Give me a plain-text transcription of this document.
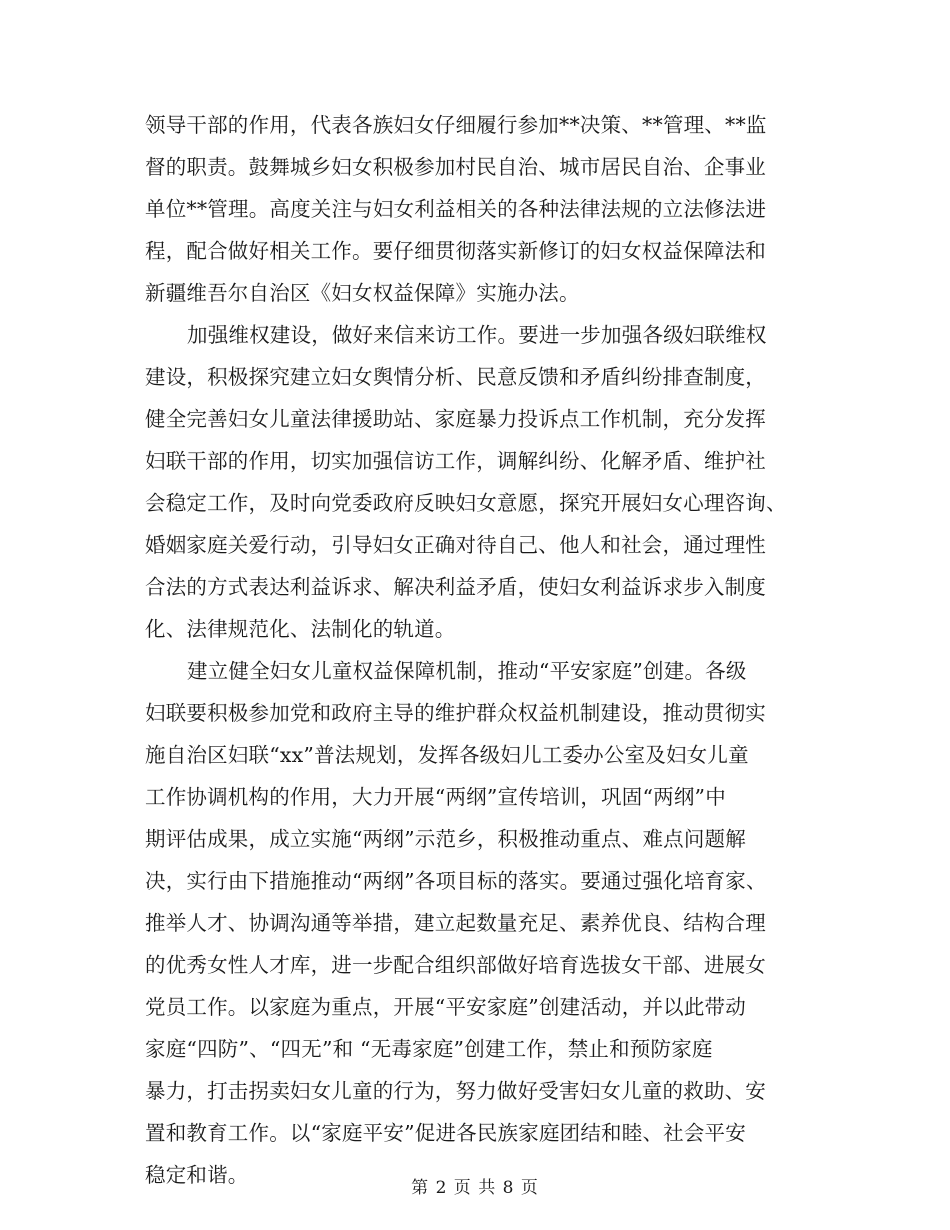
领导干部的作用，代表各族妇女仔细履行参加**决策、**管理、**监
督的职责。鼓舞城乡妇女积极参加村民自治、城市居民自治、企事业
单位**管理。高度关注与妇女利益相关的各种法律法规的立法修法进
程，配合做好相关工作。要仔细贯彻落实新修订的妇女权益保障法和
新疆维吾尔自治区《妇女权益保障》实施办法。
加强维权建设，做好来信来访工作。要进一步加强各级妇联维权
建设，积极探究建立妇女舆情分析、民意反馈和矛盾纠纷排查制度，
健全完善妇女儿童法律援助站、家庭暴力投诉点工作机制，充分发挥
妇联干部的作用，切实加强信访工作，调解纠纷、化解矛盾、维护社
会稳定工作，及时向党委政府反映妇女意愿，探究开展妇女心理咨询、
婚姻家庭关爱行动，引导妇女正确对待自己、他人和社会，通过理性
合法的方式表达利益诉求、解决利益矛盾，使妇女利益诉求步入制度
化、法律规范化、法制化的轨道。
建立健全妇女儿童权益保障机制，推动“平安家庭”创建。各级
妇联要积极参加党和政府主导的维护群众权益机制建设，推动贯彻实
施自治区妇联“xx”普法规划，发挥各级妇儿工委办公室及妇女儿童
工作协调机构的作用，大力开展“两纲”宣传培训，巩固“两纲”中
期评估成果，成立实施“两纲”示范乡，积极推动重点、难点问题解
决，实行由下措施推动“两纲”各项目标的落实。要通过强化培育家、
推举人才、协调沟通等举措，建立起数量充足、素养优良、结构合理
的优秀女性人才库，进一步配合组织部做好培育选拔女干部、进展女
党员工作。以家庭为重点，开展“平安家庭”创建活动，并以此带动
家庭“四防”、“四无”和 “无毒家庭”创建工作，禁止和预防家庭
暴力，打击拐卖妇女儿童的行为，努力做好受害妇女儿童的救助、安
置和教育工作。以“家庭平安”促进各民族家庭团结和睦、社会平安
稳定和谐。
第 2 页 共 8 页
